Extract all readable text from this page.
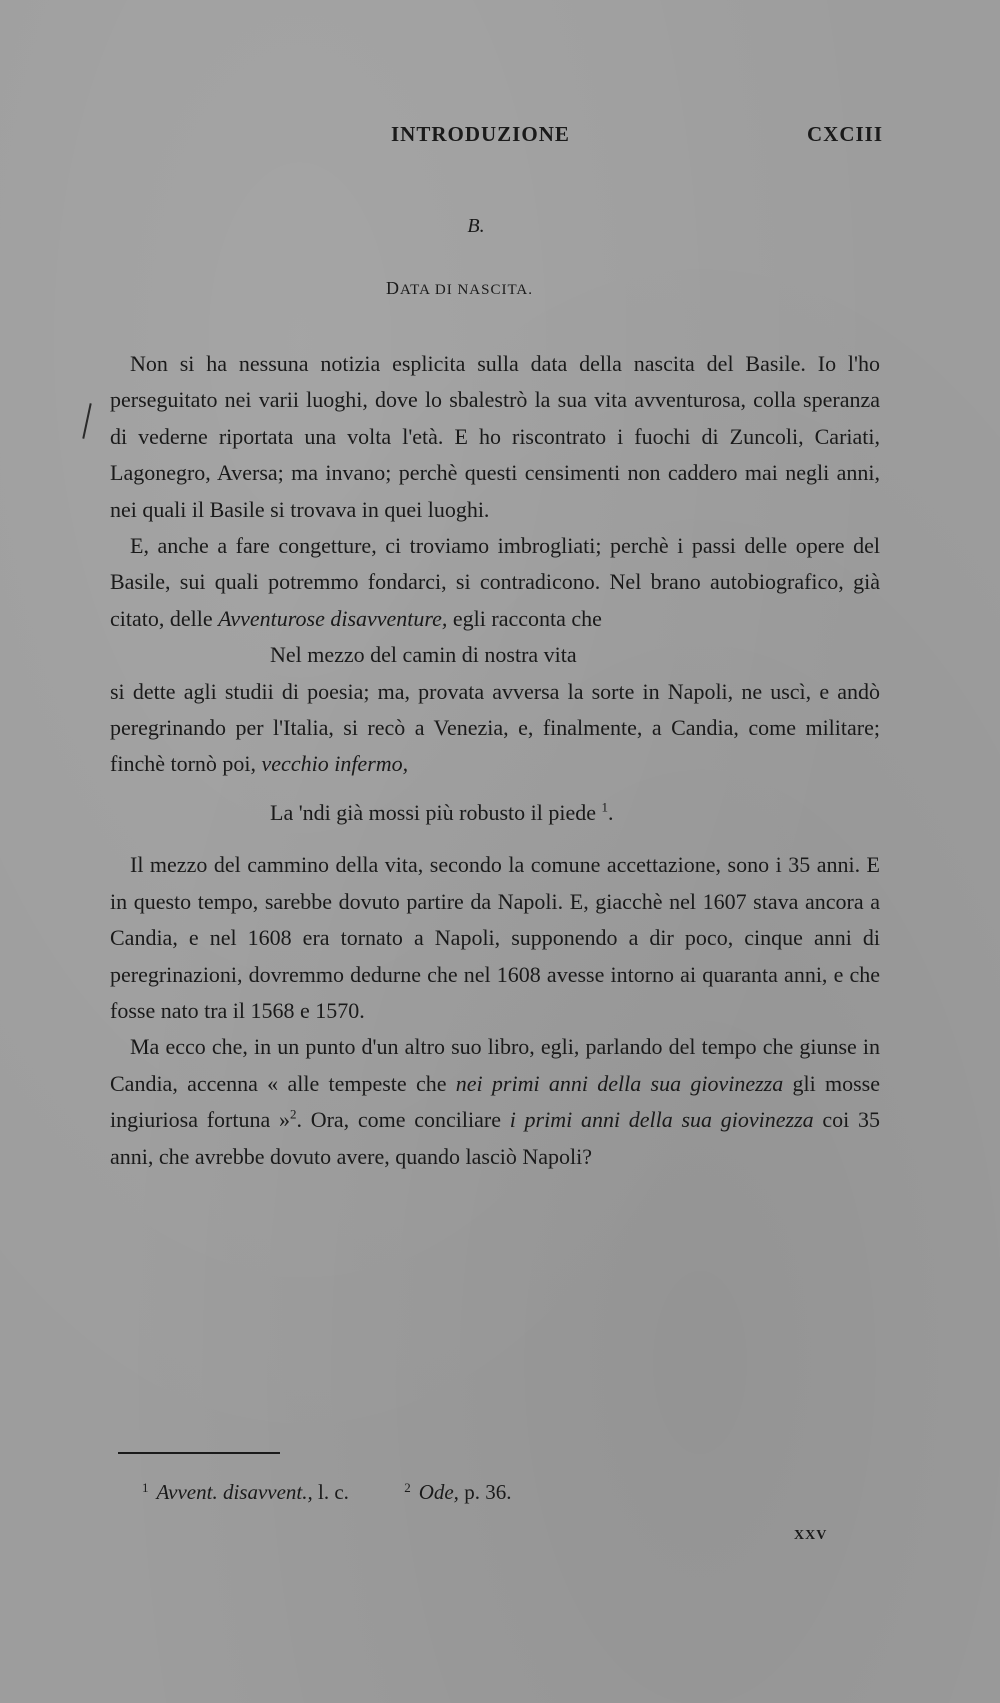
INTRODUZIONE	CXCIII
B.
DATA DI NASCITA.

Non si ha nessuna notizia esplicita sulla data della nascita del Basile. Io l'ho perseguitato nei varii luoghi, dove lo sbalestrò la sua vita avventurosa, colla speranza di vederne riportata una volta l'età. E ho riscontrato i fuochi di Zuncoli, Cariati, Lagonegro, Aversa; ma invano; perchè questi censimenti non caddero mai negli anni, nei quali il Basile si trovava in quei luoghi.

E, anche a fare congetture, ci troviamo imbrogliati; perchè i passi delle opere del Basile, sui quali potremmo fondarci, si contradicono. Nel brano autobiografico, già citato, delle Avventurose disavventure, egli racconta che

Nel mezzo del camin di nostra vita

si dette agli studii di poesia; ma, provata avversa la sorte in Napoli, ne uscì, e andò peregrinando per l'Italia, si recò a Venezia, e, finalmente, a Candia, come militare; finchè tornò poi, vecchio infermo,

La 'ndi già mossi più robusto il piede $^1$.

Il mezzo del cammino della vita, secondo la comune accettazione, sono i 35 anni. E in questo tempo, sarebbe dovuto partire da Napoli. E, giacchè nel 1607 stava ancora a Candia, e nel 1608 era tornato a Napoli, supponendo a dir poco, cinque anni di peregrinazioni, dovremmo dedurne che nel 1608 avesse intorno ai quaranta anni, e che fosse nato tra il 1568 e 1570.

Ma ecco che, in un punto d'un altro suo libro, egli, parlando del tempo che giunse in Candia, accenna « alle tempeste che nei primi anni della sua giovinezza gli mosse ingiuriosa fortuna »$^2$. Ora, come conciliare i primi anni della sua giovinezza coi 35 anni, che avrebbe dovuto avere, quando lasciò Napoli?

$^1$ Avvent. disavvent., l. c.	$^2$ Ode, p. 36.
XXV
